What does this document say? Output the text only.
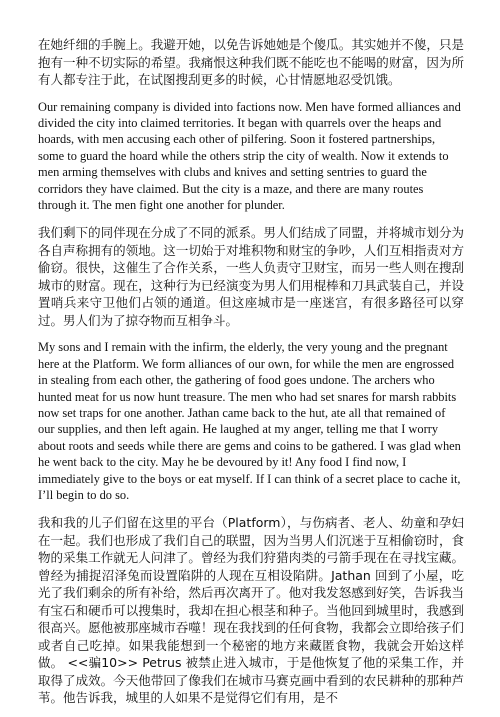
在她纤细的手腕上。我避开她，以免告诉她她是个傻瓜。其实她并不傻，只是抱有一种不切实际的希望。我痛恨这种我们既不能吃也不能喝的财富，因为所有人都专注于此，在试图搜刮更多的时候，心甘情愿地忍受饥饿。

Our remaining company is divided into factions now. Men have formed alliances and divided the city into claimed territories. It began with quarrels over the heaps and hoards, with men accusing each other of pilfering. Soon it fostered partnerships, some to guard the hoard while the others strip the city of wealth. Now it extends to men arming themselves with clubs and knives and setting sentries to guard the corridors they have claimed. But the city is a maze, and there are many routes through it. The men fight one another for plunder.

我们剩下的同伴现在分成了不同的派系。男人们结成了同盟，并将城市划分为各自声称拥有的领地。这一切始于对堆积物和财宝的争吵，人们互相指责对方偷窃。很快，这催生了合作关系，一些人负责守卫财宝，而另一些人则在搜刮城市的财富。现在，这种行为已经演变为男人们用棍棒和刀具武装自己，并设置哨兵来守卫他们占领的通道。但这座城市是一座迷宫，有很多路径可以穿过。男人们为了掠夺物而互相争斗。

My sons and I remain with the infirm, the elderly, the very young and the pregnant here at the Platform. We form alliances of our own, for while the men are engrossed in stealing from each other, the gathering of food goes undone. The archers who hunted meat for us now hunt treasure. The men who had set snares for marsh rabbits now set traps for one another. Jathan came back to the hut, ate all that remained of our supplies, and then left again. He laughed at my anger, telling me that I worry about roots and seeds while there are gems and coins to be gathered. I was glad when he went back to the city. May he be devoured by it! Any food I find now, I immediately give to the boys or eat myself. If I can think of a secret place to cache it, I’ll begin to do so.

我和我的儿子们留在这里的平台（Platform），与伤病者、老人、幼童和孕妇在一起。我们也形成了我们自己的联盟，因为当男人们沉迷于互相偷窃时，食物的采集工作就无人问津了。曾经为我们狩猎肉类的弓箭手现在在寻找宝藏。曾经为捕捉沼泽兔而设置陷阱的人现在互相设陷阱。Jathan 回到了小屋，吃光了我们剩余的所有补给，然后再次离开了。他对我发怒感到好笑，告诉我当有宝石和硬币可以搜集时，我却在担心根茎和种子。当他回到城里时，我感到很高兴。愿他被那座城市吞噬！现在我找到的任何食物，我都会立即给孩子们或者自己吃掉。如果我能想到一个秘密的地方来藏匿食物，我就会开始这样做。 <<骗10>> Petrus 被禁止进入城市，于是他恢复了他的采集工作，并取得了成效。今天他带回了像我们在城市马赛克画中看到的农民耕种的那种芦苇。他告诉我，城里的人如果不是觉得它们有用，是不
